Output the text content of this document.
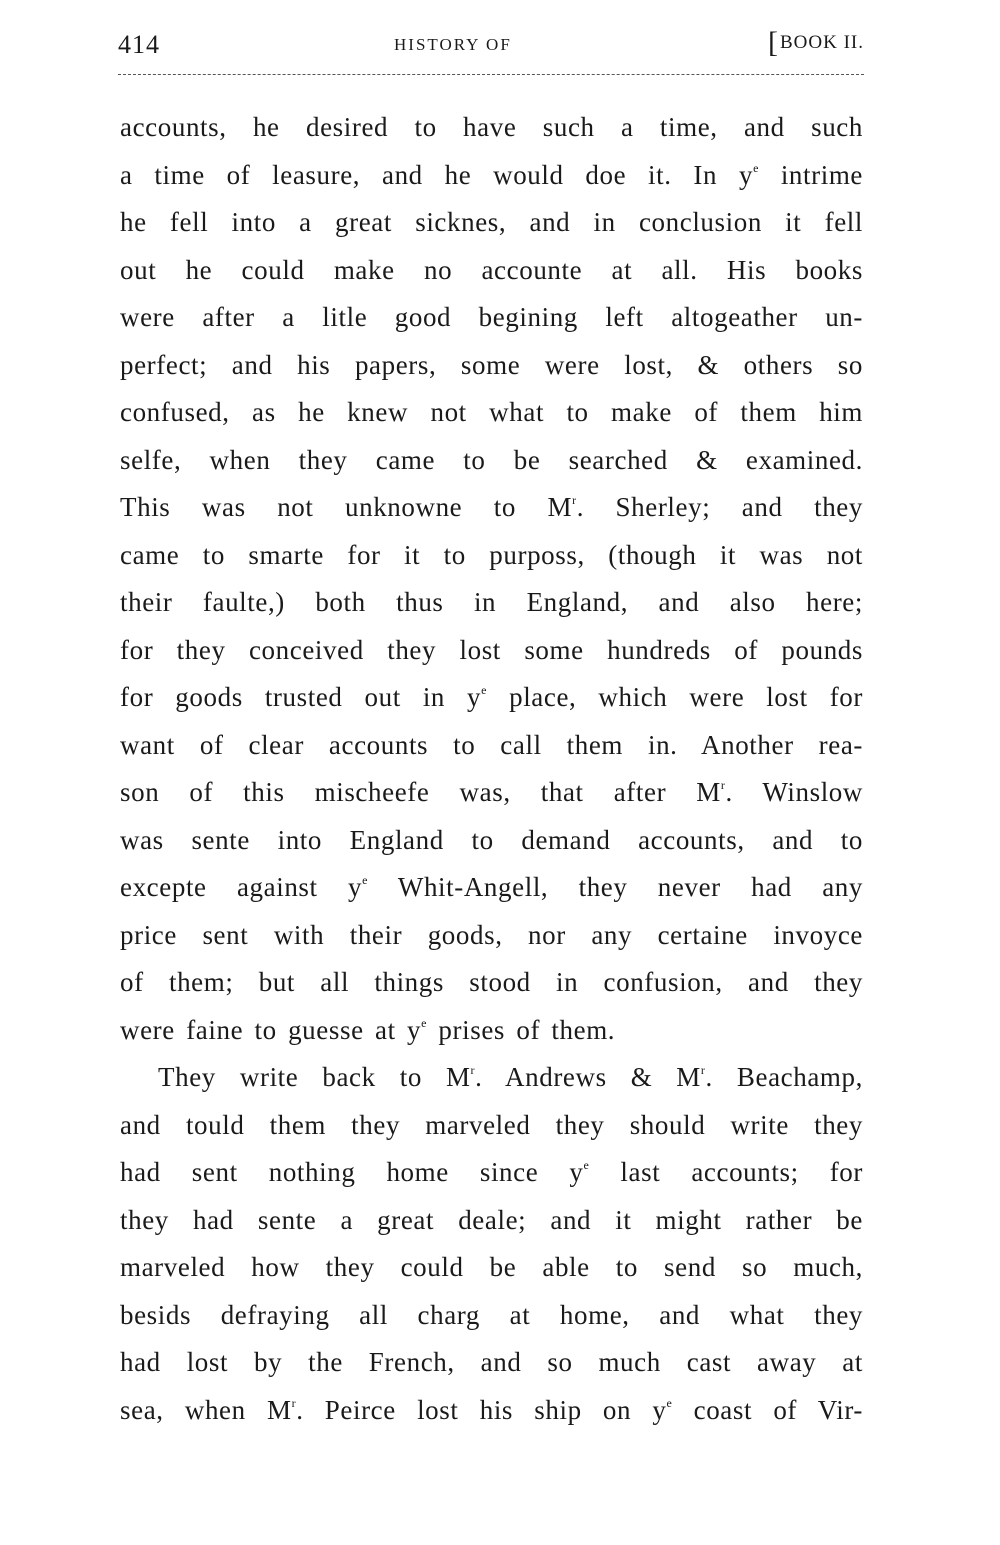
414	HISTORY OF	[BOOK II.
accounts, he desired to have such a time, and such
a time of leasure, and he would doe it. In $y^e$ intrime
he fell into a great sicknes, and in conclusion it fell
out he could make no accounte at all. His books
were after a litle good begining left altogeather un-
perfect; and his papers, some were lost, & others so
confused, as he knew not what to make of them him
selfe, when they came to be searched & examined.
This was not unknowne to $M^r$. Sherley; and they
came to smarte for it to purposs, (though it was not
their faulte,) both thus in England, and also here;
for they conceived they lost some hundreds of pounds
for goods trusted out in $y^e$ place, which were lost for
want of clear accounts to call them in. Another rea-
son of this mischeefe was, that after $M^r$. Winslow
was sente into England to demand accounts, and to
excepte against $y^e$ Whit-Angell, they never had any
price sent with their goods, nor any certaine invoyce
of them; but all things stood in confusion, and they
were faine to guesse at $y^e$ prises of them.
They write back to $M^r$. Andrews & $M^r$. Beachamp,
and tould them they marveled they should write they
had sent nothing home since $y^e$ last accounts; for
they had sente a great deale; and it might rather be
marveled how they could be able to send so much,
besids defraying all charg at home, and what they
had lost by the French, and so much cast away at
sea, when $M^r$. Peirce lost his ship on $y^e$ coast of Vir-
